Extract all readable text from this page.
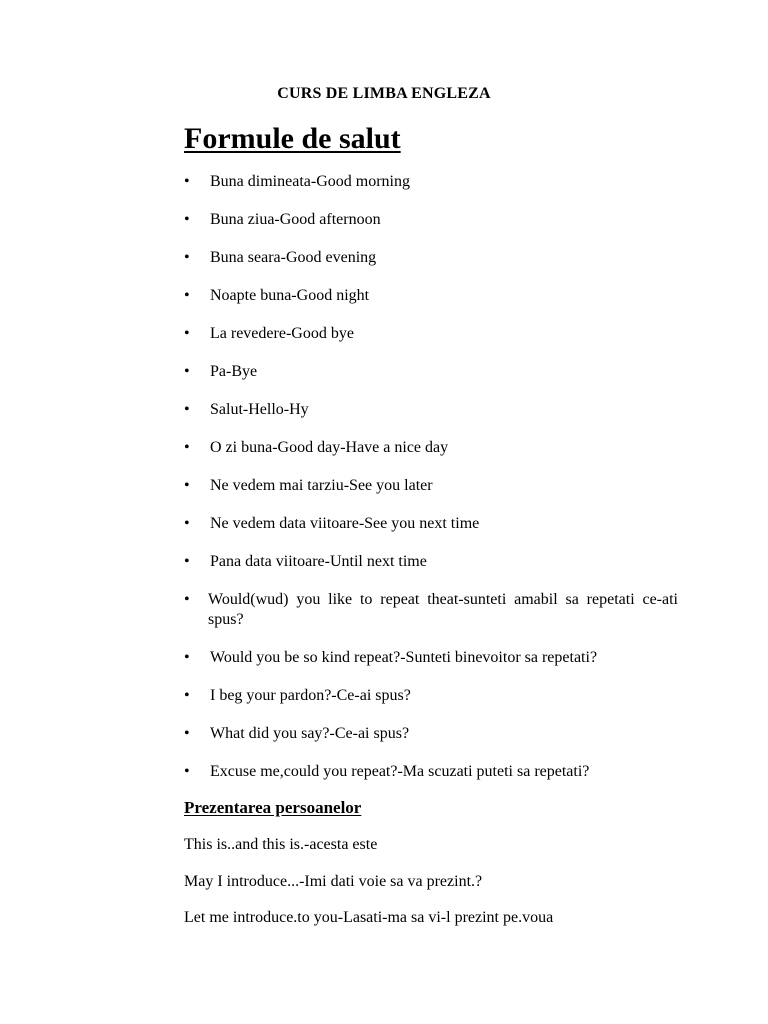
CURS DE LIMBA ENGLEZA
Formule de salut
• Buna dimineata-Good morning
• Buna ziua-Good afternoon
• Buna seara-Good evening
• Noapte buna-Good night
• La revedere-Good bye
• Pa-Bye
• Salut-Hello-Hy
• O zi buna-Good day-Have a nice day
• Ne vedem mai tarziu-See you later
• Ne vedem data viitoare-See you next time
• Pana data viitoare-Until next time
• Would(wud) you like to repeat theat-sunteti amabil sa repetati ce-ati spus?
• Would you be so kind repeat?-Sunteti binevoitor sa repetati?
• I beg your pardon?-Ce-ai spus?
• What did you say?-Ce-ai spus?
• Excuse me,could you repeat?-Ma scuzati puteti sa repetati?
Prezentarea persoanelor
This is..and this is.-acesta este
May I introduce...-Imi dati voie sa va prezint.?
Let me introduce.to you-Lasati-ma sa vi-l prezint pe.voua
